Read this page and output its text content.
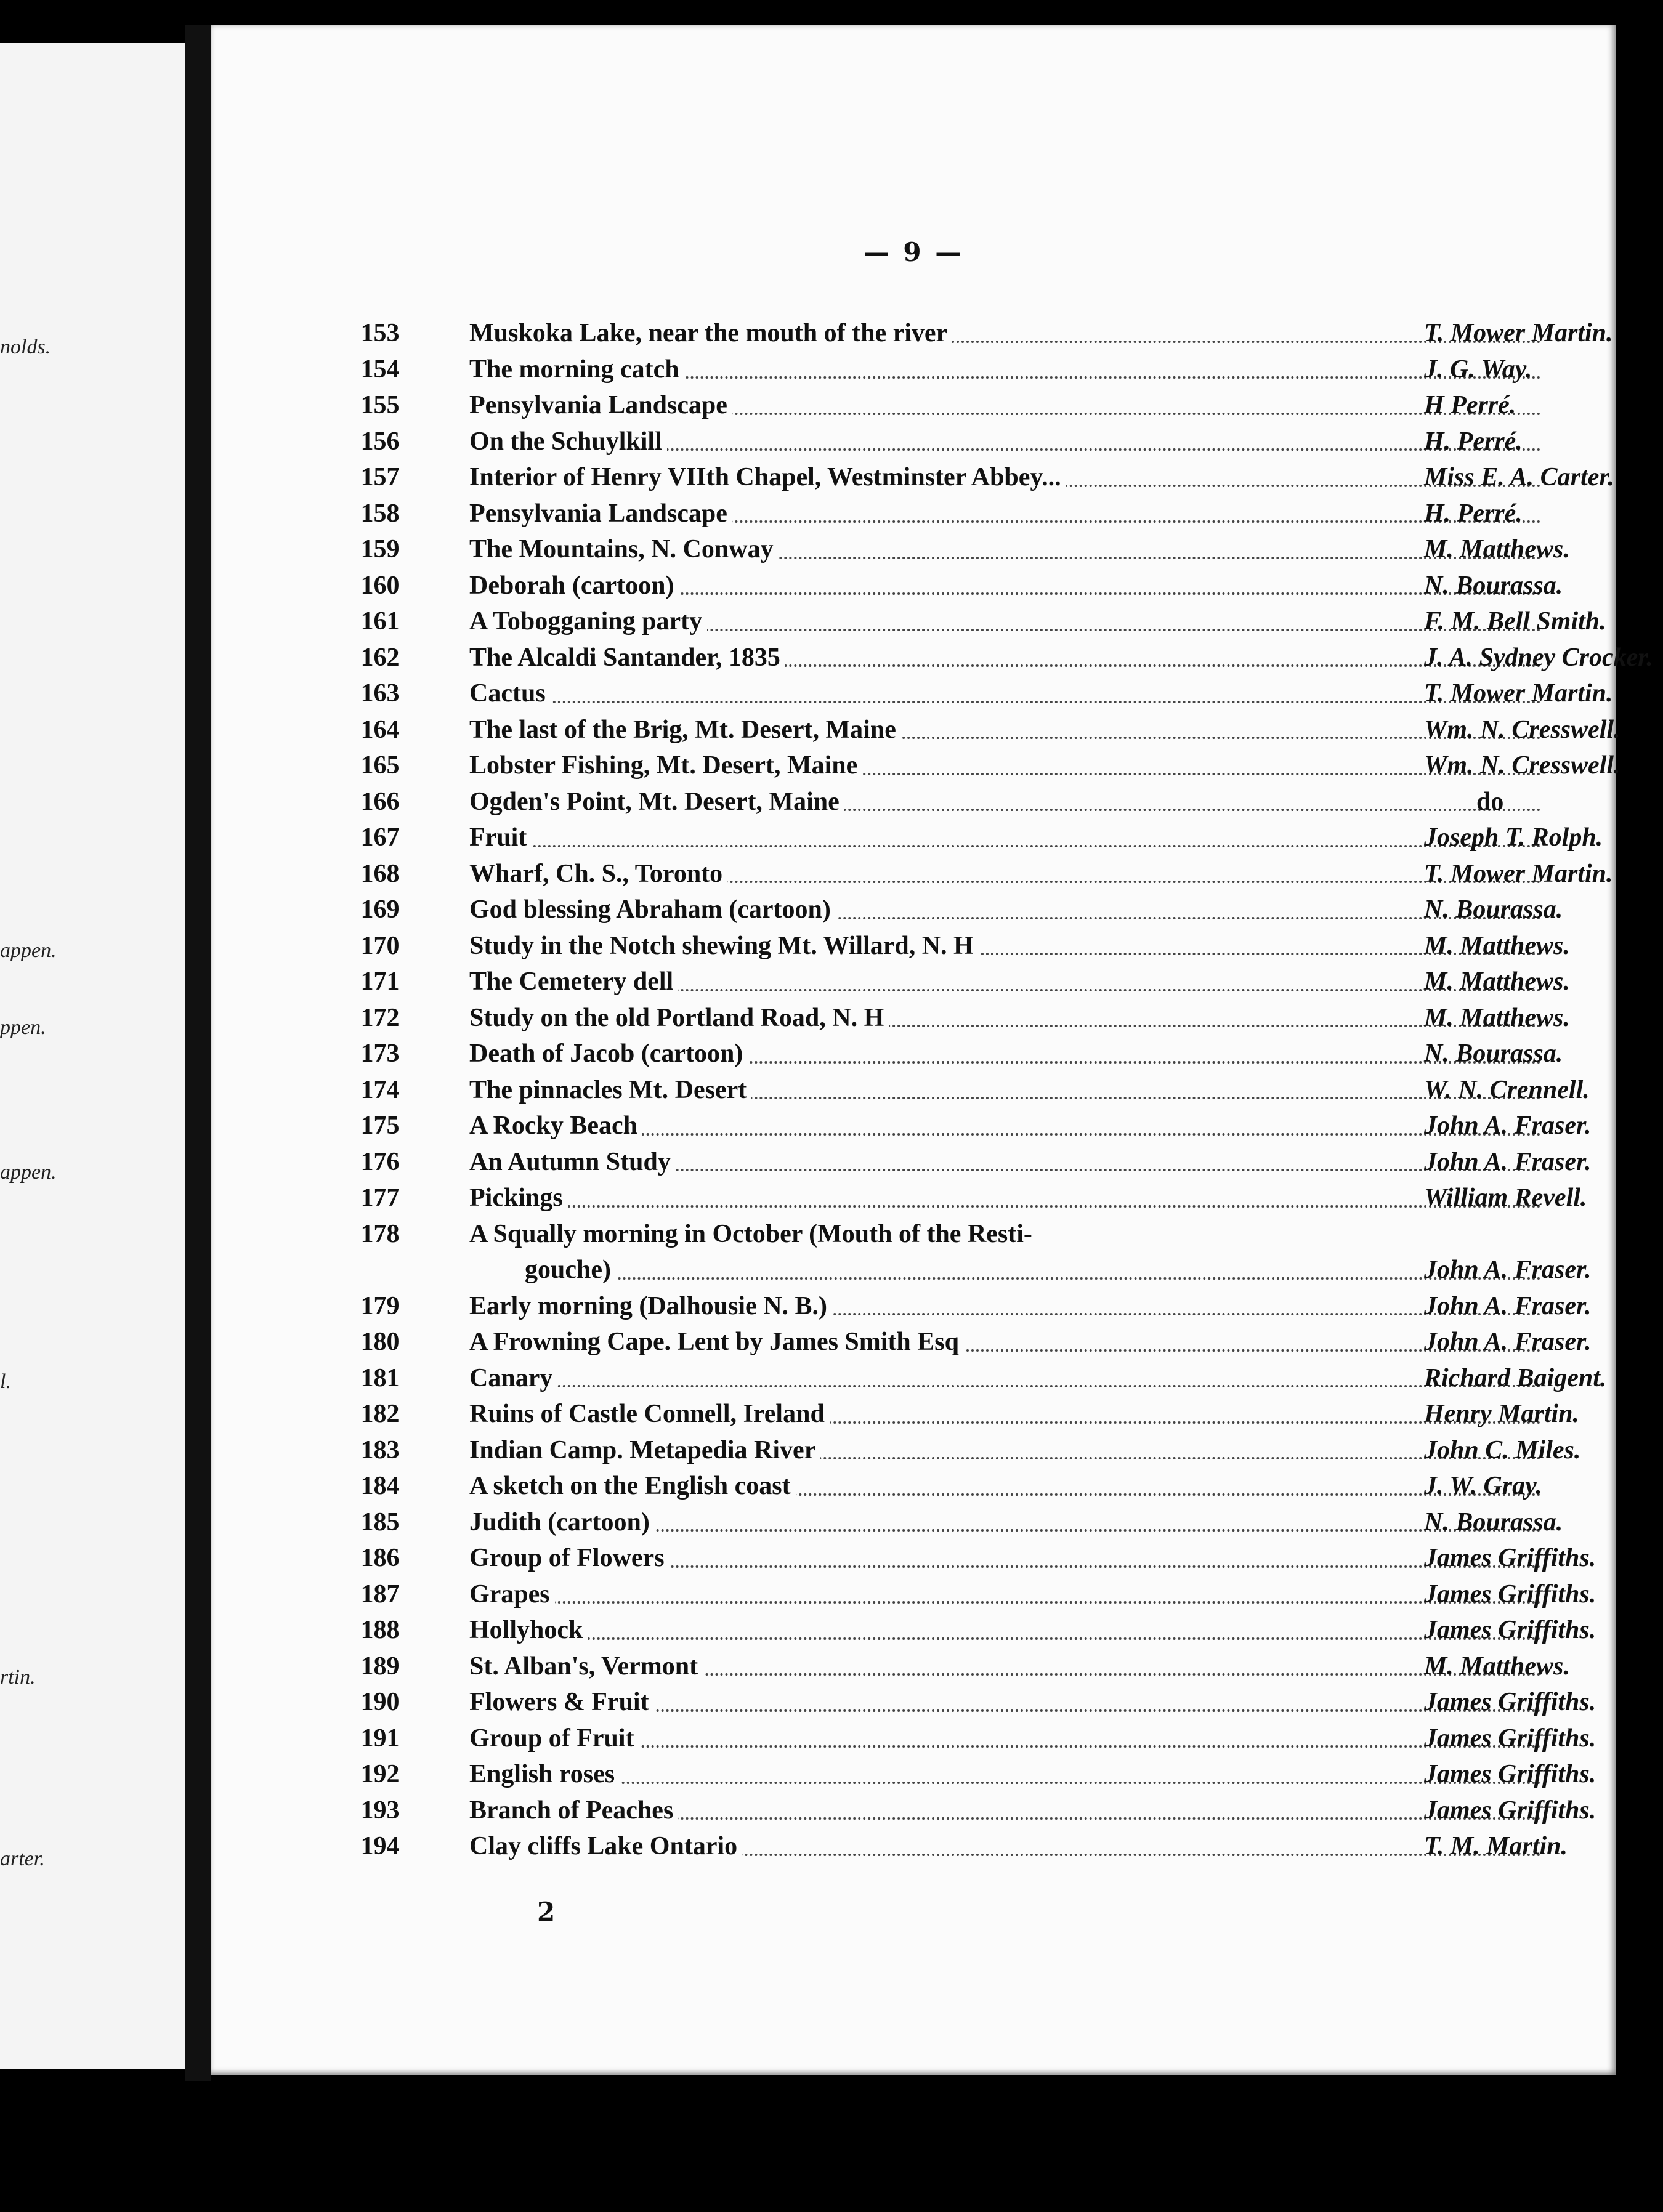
nolds.
appen.
ppen.
appen.
l.
rtin.
arter.
— 9 —
153	Muskoka Lake, near the mouth of the river	T. Mower Martin.
154	The morning catch	J. G. Way.
155	Pensylvania Landscape	H Perré.
156	On the Schuylkill	H. Perré.
157	Interior of Henry VIIth Chapel, Westminster Abbey...	Miss E. A. Carter.
158	Pensylvania Landscape	H. Perré.
159	The Mountains, N. Conway	M. Matthews.
160	Deborah (cartoon)	N. Bourassa.
161	A Tobogganing party	F. M. Bell Smith.
162	The Alcaldi Santander, 1835	J. A. Sydney Crocker.
163	Cactus	T. Mower Martin.
164	The last of the Brig, Mt. Desert, Maine	Wm. N. Cresswell.
165	Lobster Fishing, Mt. Desert, Maine	Wm. N. Cresswell.
166	Ogden's Point, Mt. Desert, Maine	do
167	Fruit	Joseph T. Rolph.
168	Wharf, Ch. S., Toronto	T. Mower Martin.
169	God blessing Abraham (cartoon)	N. Bourassa.
170	Study in the Notch shewing Mt. Willard, N. H	M. Matthews.
171	The Cemetery dell	M. Matthews.
172	Study on the old Portland Road, N. H	M. Matthews.
173	Death of Jacob (cartoon)	N. Bourassa.
174	The pinnacles Mt. Desert	W. N. Crennell.
175	A Rocky Beach	John A. Fraser.
176	An Autumn Study	John A. Fraser.
177	Pickings	William Revell.
178	A Squally morning in October (Mouth of the Resti-
gouche)	John A. Fraser.
179	Early morning (Dalhousie N. B.)	John A. Fraser.
180	A Frowning Cape. Lent by James Smith Esq	John A. Fraser.
181	Canary	Richard Baigent.
182	Ruins of Castle Connell, Ireland	Henry Martin.
183	Indian Camp. Metapedia River	John C. Miles.
184	A sketch on the English coast	J. W. Gray.
185	Judith (cartoon)	N. Bourassa.
186	Group of Flowers	James Griffiths.
187	Grapes	James Griffiths.
188	Hollyhock	James Griffiths.
189	St. Alban's, Vermont	M. Matthews.
190	Flowers & Fruit	James Griffiths.
191	Group of Fruit	James Griffiths.
192	English roses	James Griffiths.
193	Branch of Peaches	James Griffiths.
194	Clay cliffs Lake Ontario	T. M. Martin.
2
